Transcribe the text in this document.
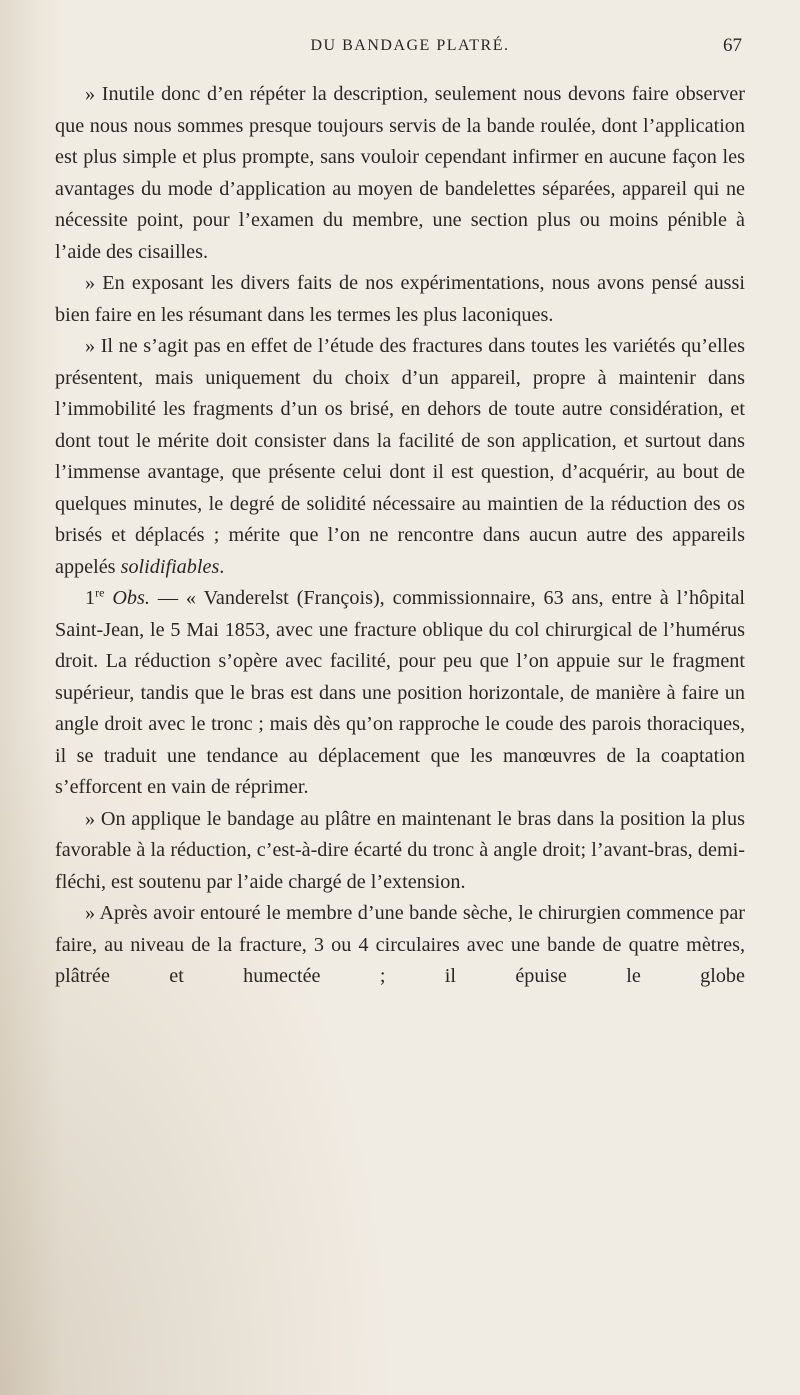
DU BANDAGE PLATRÉ.	67

» Inutile donc d’en répéter la description, seulement nous devons faire observer que nous nous sommes presque toujours servis de la bande roulée, dont l’application est plus simple et plus prompte, sans vouloir cependant infirmer en aucune façon les avantages du mode d’application au moyen de bandelettes séparées, appareil qui ne nécessite point, pour l’examen du membre, une section plus ou moins pénible à l’aide des cisailles.

» En exposant les divers faits de nos expérimentations, nous avons pensé aussi bien faire en les résumant dans les termes les plus laconiques.

» Il ne s’agit pas en effet de l’étude des fractures dans toutes les variétés qu’elles présentent, mais uniquement du choix d’un appareil, propre à maintenir dans l’immobilité les fragments d’un os brisé, en dehors de toute autre considération, et dont tout le mérite doit consister dans la facilité de son application, et surtout dans l’immense avantage, que présente celui dont il est question, d’acquérir, au bout de quelques minutes, le degré de solidité nécessaire au maintien de la réduction des os brisés et déplacés ; mérite que l’on ne rencontre dans aucun autre des appareils appelés solidifiables.

1re Obs. — « Vanderelst (François), commissionnaire, 63 ans, entre à l’hôpital Saint-Jean, le 5 Mai 1853, avec une fracture oblique du col chirurgical de l’humérus droit. La réduction s’opère avec facilité, pour peu que l’on appuie sur le fragment supérieur, tandis que le bras est dans une position horizontale, de manière à faire un angle droit avec le tronc ; mais dès qu’on rapproche le coude des parois thoraciques, il se traduit une tendance au déplacement que les manœuvres de la coaptation s’efforcent en vain de réprimer.

» On applique le bandage au plâtre en maintenant le bras dans la position la plus favorable à la réduction, c’est-à-dire écarté du tronc à angle droit; l’avant-bras, demi-fléchi, est soutenu par l’aide chargé de l’extension.

» Après avoir entouré le membre d’une bande sèche, le chirurgien commence par faire, au niveau de la fracture, 3 ou 4 circulaires avec une bande de quatre mètres, plâtrée et humectée ; il épuise le globe
